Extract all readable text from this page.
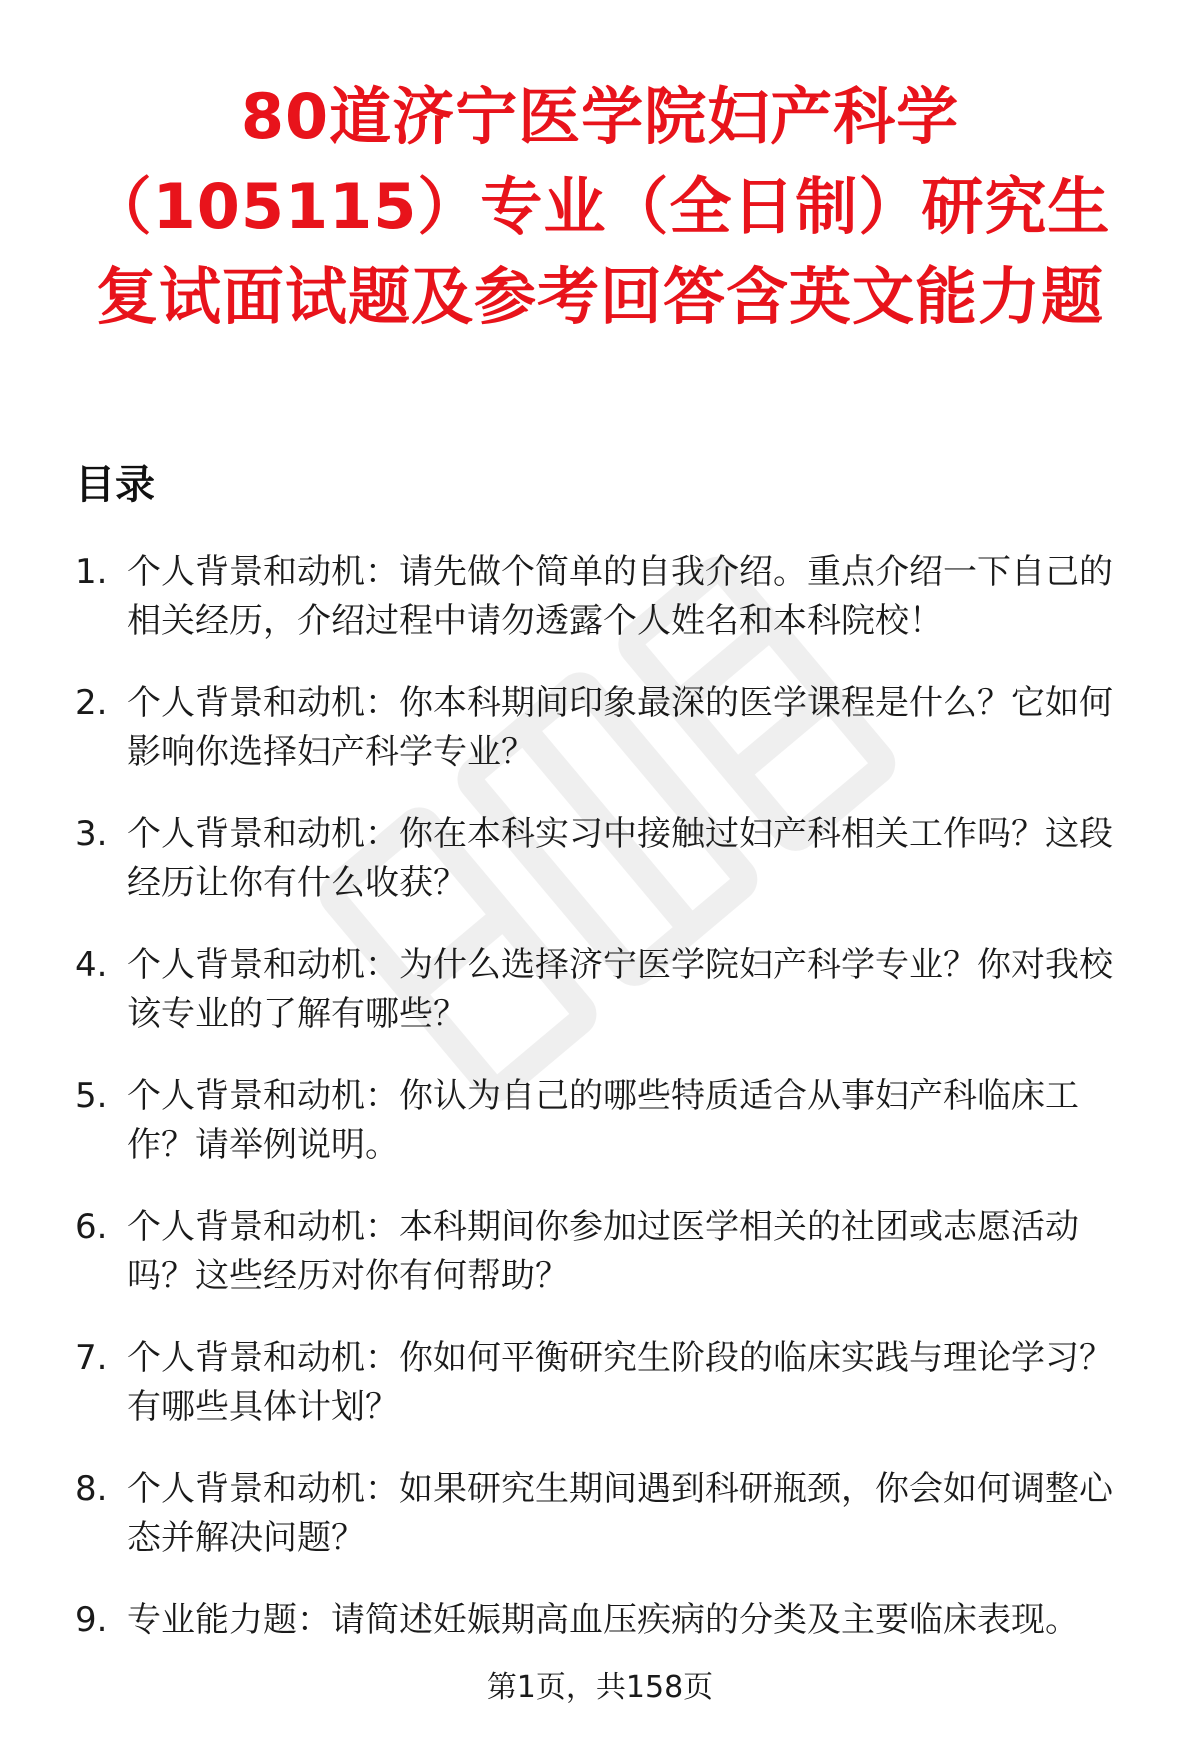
80道济宁医学院妇产科学（105115）专业（全日制）研究生复试面试题及参考回答含英文能力题
目录
1. 个人背景和动机：请先做个简单的自我介绍。重点介绍一下自己的相关经历，介绍过程中请勿透露个人姓名和本科院校！
2. 个人背景和动机：你本科期间印象最深的医学课程是什么？它如何影响你选择妇产科学专业？
3. 个人背景和动机：你在本科实习中接触过妇产科相关工作吗？这段经历让你有什么收获？
4. 个人背景和动机：为什么选择济宁医学院妇产科学专业？你对我校该专业的了解有哪些？
5. 个人背景和动机：你认为自己的哪些特质适合从事妇产科临床工作？请举例说明。
6. 个人背景和动机：本科期间你参加过医学相关的社团或志愿活动吗？这些经历对你有何帮助？
7. 个人背景和动机：你如何平衡研究生阶段的临床实践与理论学习？有哪些具体计划？
8. 个人背景和动机：如果研究生期间遇到科研瓶颈，你会如何调整心态并解决问题？
9. 专业能力题：请简述妊娠期高血压疾病的分类及主要临床表现。
第1页，共158页
